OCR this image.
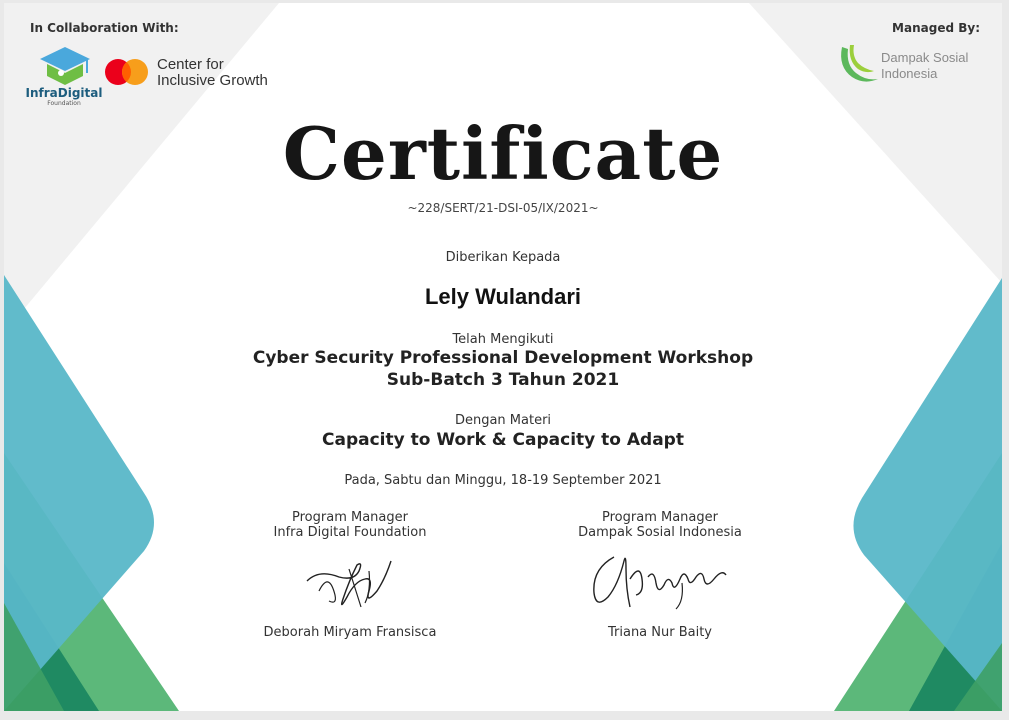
In Collaboration With:	Managed By:
InfraDigital
Foundation
Center for
Inclusive Growth
Dampak Sosial
Indonesia
Certificate
~228/SERT/21-DSI-05/IX/2021~
Diberikan Kepada
Lely Wulandari
Telah Mengikuti
Cyber Security Professional Development Workshop
Sub-Batch 3 Tahun 2021
Dengan Materi
Capacity to Work & Capacity to Adapt
Pada, Sabtu dan Minggu, 18-19 September 2021
Program Manager
Infra Digital Foundation
Deborah Miryam Fransisca
Program Manager
Dampak Sosial Indonesia
Triana Nur Baity
